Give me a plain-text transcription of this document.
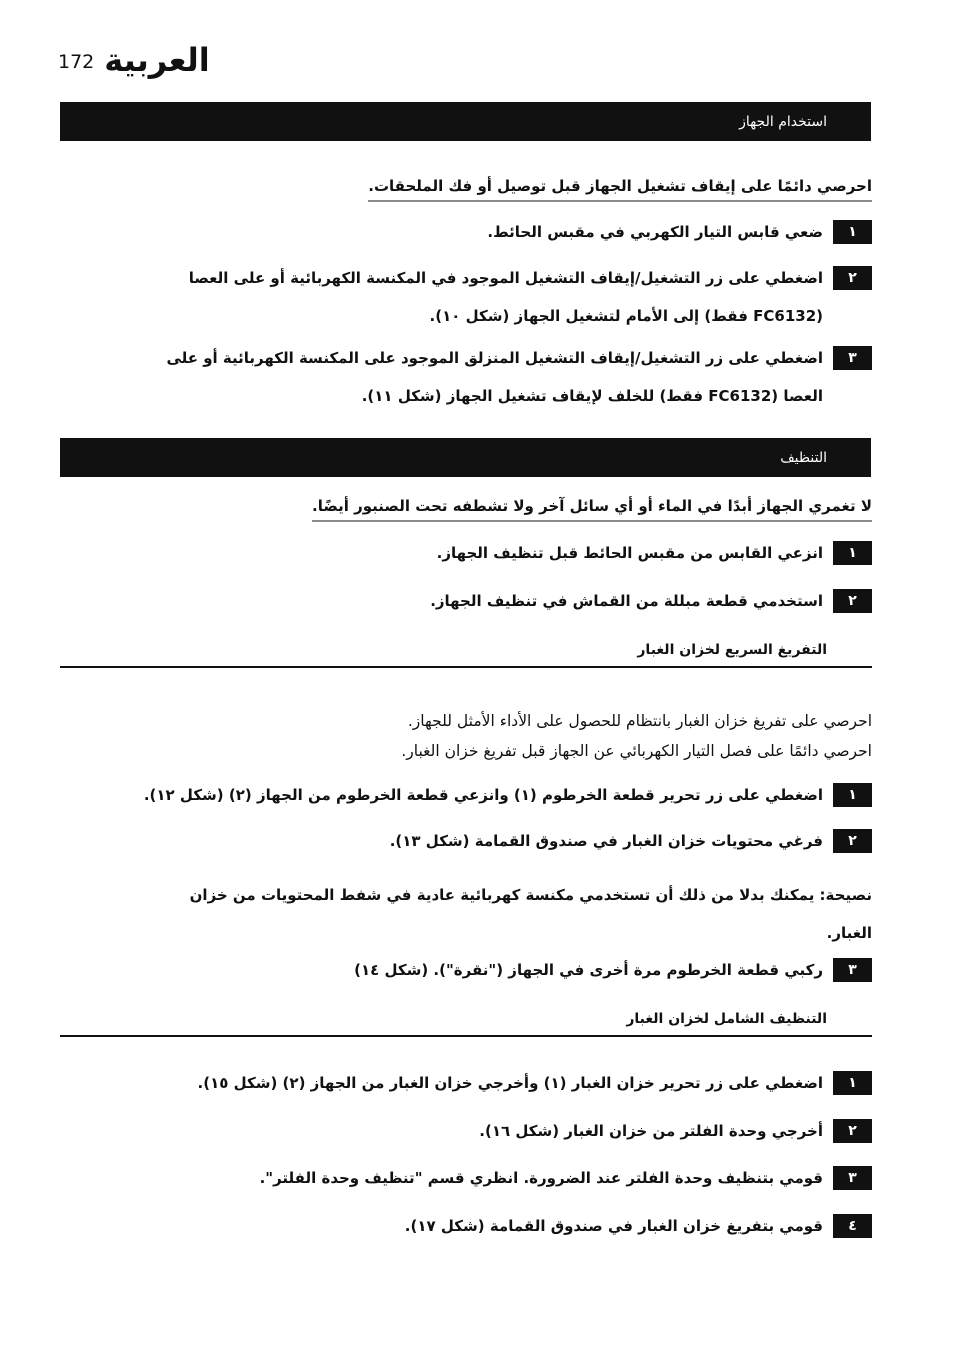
172 العربية
استخدام الجهاز
احرصي دائمًا على إيقاف تشغيل الجهاز قبل توصيل أو فك الملحقات.
١
ضعي قابس التيار الكهربي في مقبس الحائط.
٢
اضغطي على زر التشغيل/إيقاف التشغيل الموجود في المكنسة الكهربائية أو على العصا
(FC6132 فقط) إلى الأمام لتشغيل الجهاز (شكل ١٠).
٣
اضغطي على زر التشغيل/إيقاف التشغيل المنزلق الموجود على المكنسة الكهربائية أو على
العصا (FC6132 فقط) للخلف لإيقاف تشغيل الجهاز (شكل ١١).
التنظيف
لا تغمري الجهاز أبدًا في الماء أو أي سائل آخر ولا تشطفه تحت الصنبور أيضًا.
١
انزعي القابس من مقبس الحائط قبل تنظيف الجهاز.
٢
استخدمي قطعة مبللة من القماش في تنظيف الجهاز.
التفريغ السريع لخزان الغبار
احرصي على تفريغ خزان الغبار بانتظام للحصول على الأداء الأمثل للجهاز.
احرصي دائمًا على فصل التيار الكهربائي عن الجهاز قبل تفريغ خزان الغبار.
١
اضغطي على زر تحرير قطعة الخرطوم (١) وانزعي قطعة الخرطوم من الجهاز (٢) (شكل ١٢).
٢
فرغي محتويات خزان الغبار في صندوق القمامة (شكل ١٣).
نصيحة: يمكنك بدلا من ذلك أن تستخدمي مكنسة كهربائية عادية في شفط المحتويات من خزان
الغبار.
٣
ركبي قطعة الخرطوم مرة أخرى في الجهاز ("نقرة"). (شكل ١٤)
التنظيف الشامل لخزان الغبار
١
اضغطي على زر تحرير خزان الغبار (١) وأخرجي خزان الغبار من الجهاز (٢) (شكل ١٥).
٢
أخرجي وحدة الفلتر من خزان الغبار (شكل ١٦).
٣
قومي بتنظيف وحدة الفلتر عند الضرورة. انظري قسم "تنظيف وحدة الفلتر".
٤
قومي بتفريغ خزان الغبار في صندوق القمامة (شكل ١٧).
